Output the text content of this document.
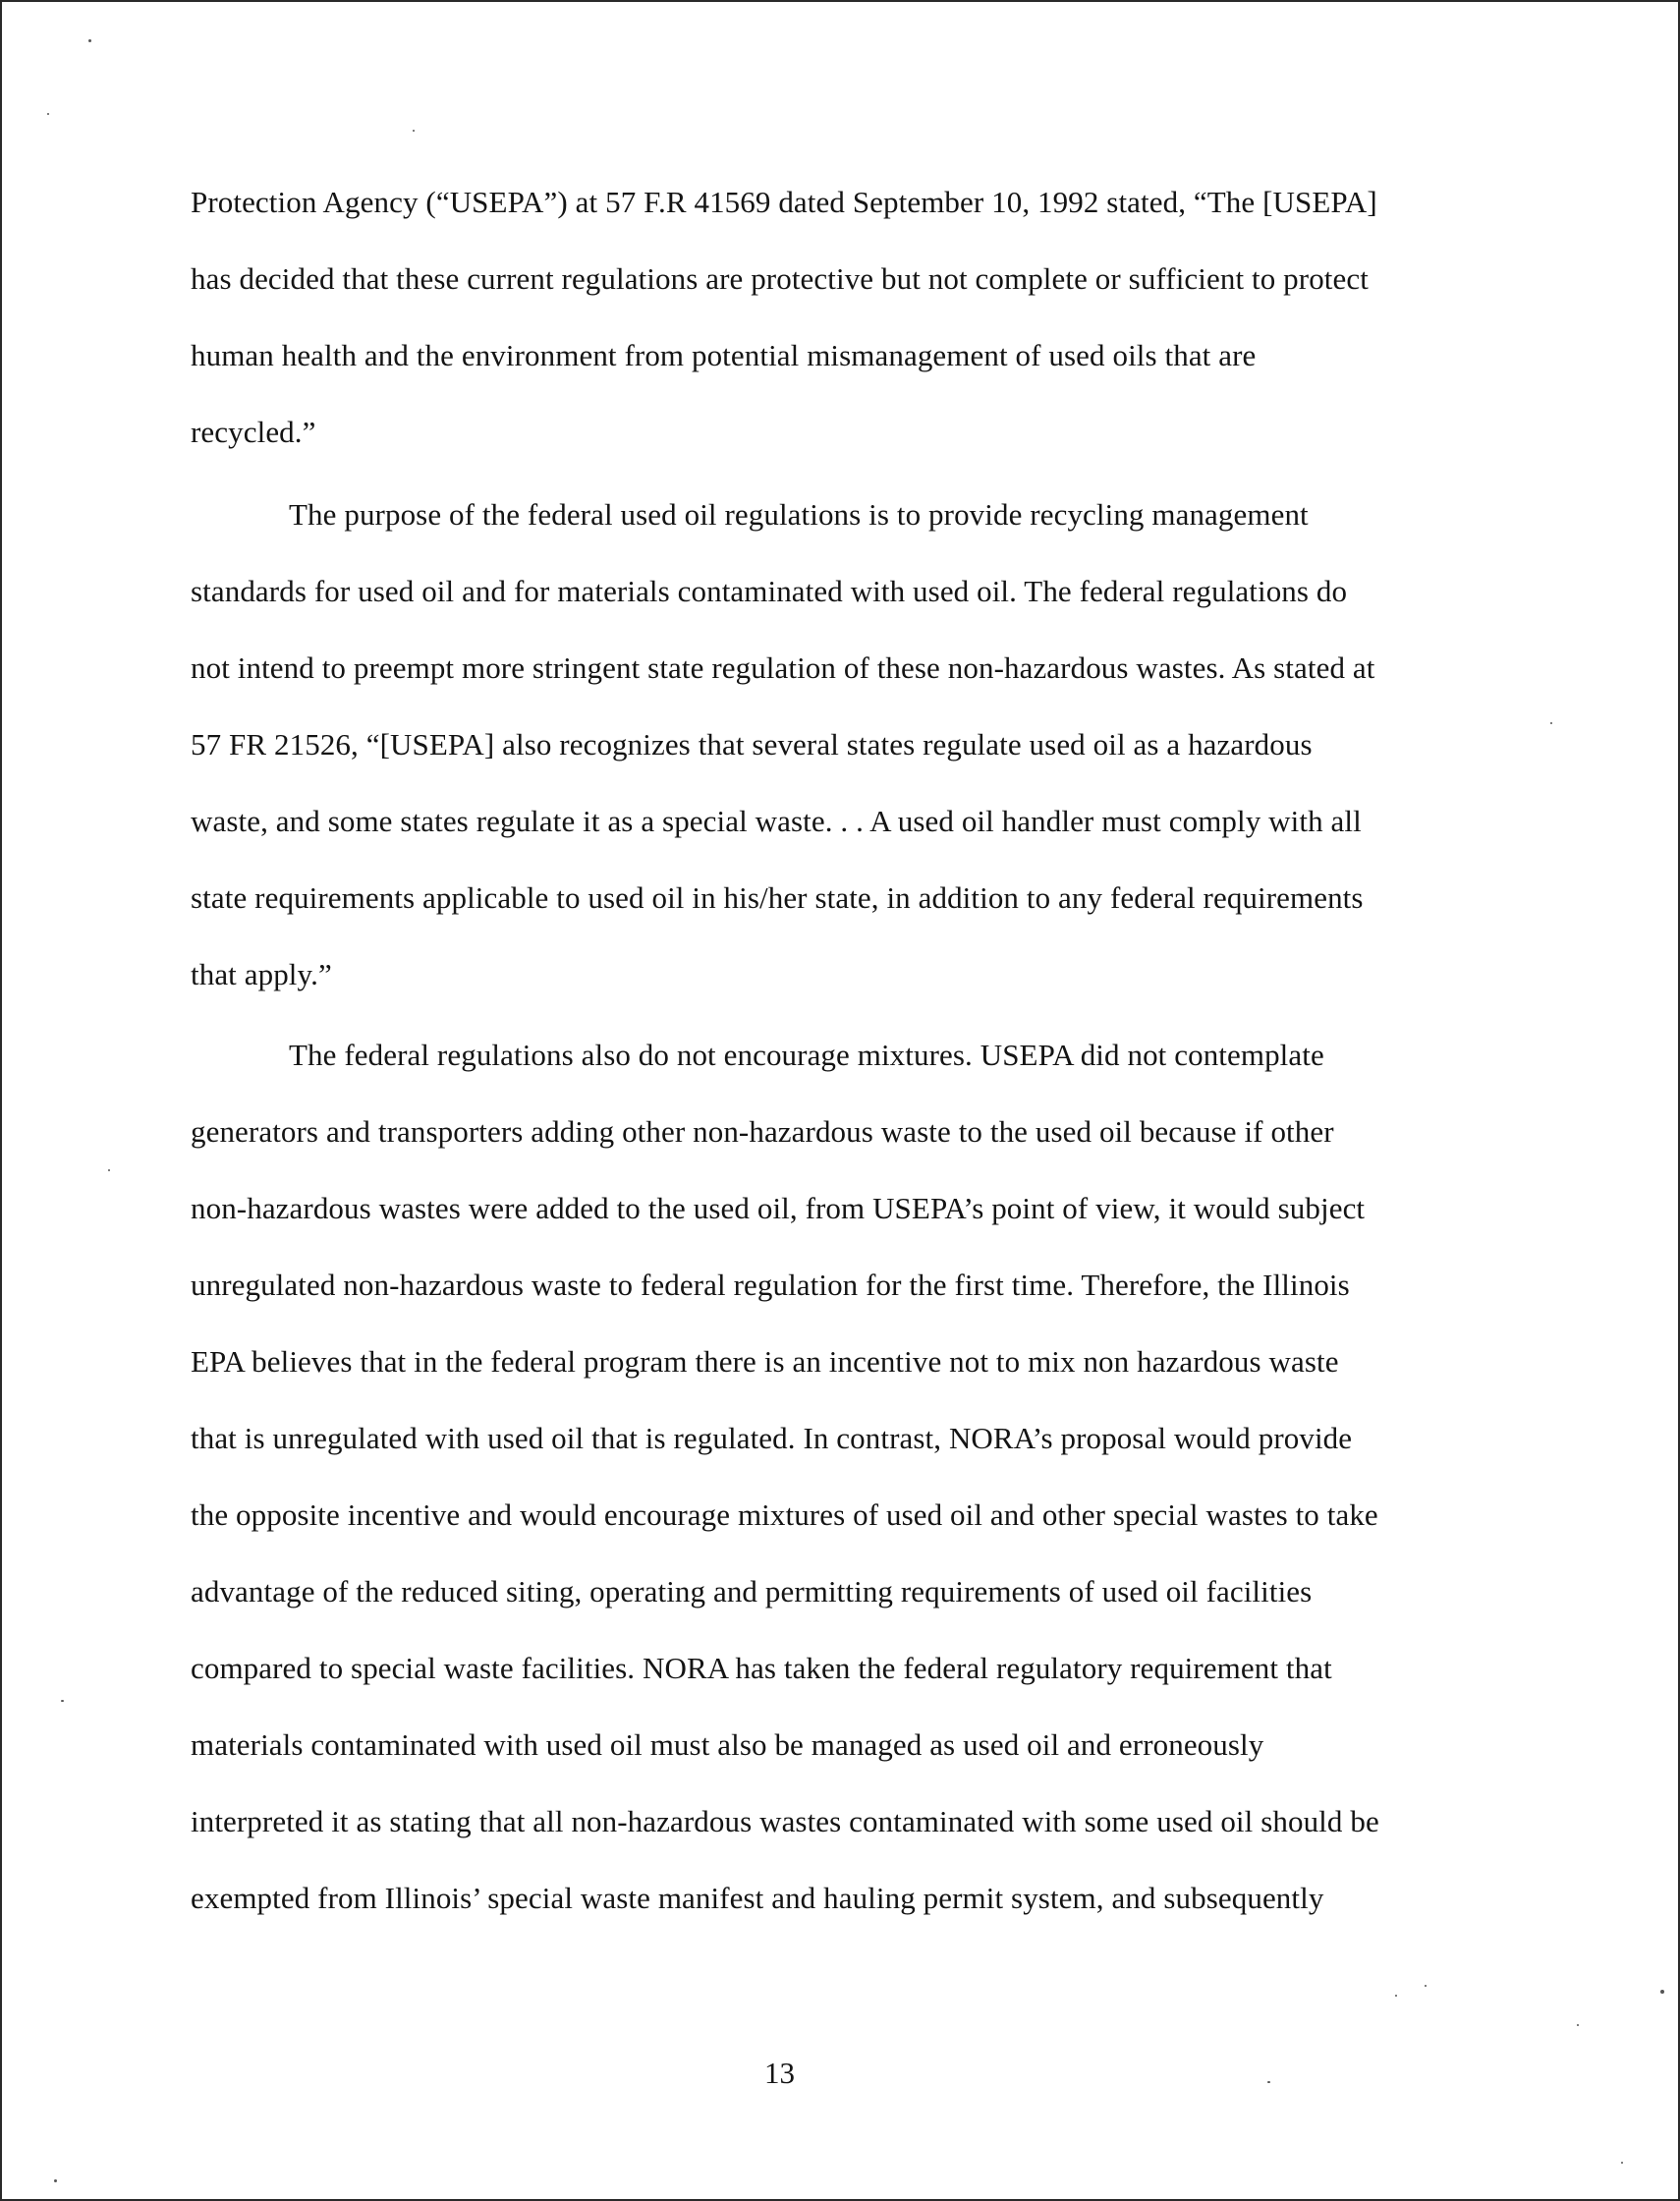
Protection Agency (“USEPA”) at 57 F.R 41569 dated September 10, 1992 stated, “The [USEPA]
has decided that these current regulations are protective but not complete or sufficient to protect
human health and the environment from potential mismanagement of used oils that are
recycled.”
The purpose of the federal used oil regulations is to provide recycling management
standards for used oil and for materials contaminated with used oil. The federal regulations do
not intend to preempt more stringent state regulation of these non-hazardous wastes. As stated at
57 FR 21526, “[USEPA] also recognizes that several states regulate used oil as a hazardous
waste, and some states regulate it as a special waste. . . A used oil handler must comply with all
state requirements applicable to used oil in his/her state, in addition to any federal requirements
that apply.”
The federal regulations also do not encourage mixtures. USEPA did not contemplate
generators and transporters adding other non-hazardous waste to the used oil because if other
non-hazardous wastes were added to the used oil, from USEPA’s point of view, it would subject
unregulated non-hazardous waste to federal regulation for the first time. Therefore, the Illinois
EPA believes that in the federal program there is an incentive not to mix non hazardous waste
that is unregulated with used oil that is regulated. In contrast, NORA’s proposal would provide
the opposite incentive and would encourage mixtures of used oil and other special wastes to take
advantage of the reduced siting, operating and permitting requirements of used oil facilities
compared to special waste facilities. NORA has taken the federal regulatory requirement that
materials contaminated with used oil must also be managed as used oil and erroneously
interpreted it as stating that all non-hazardous wastes contaminated with some used oil should be
exempted from Illinois’ special waste manifest and hauling permit system, and subsequently
13
